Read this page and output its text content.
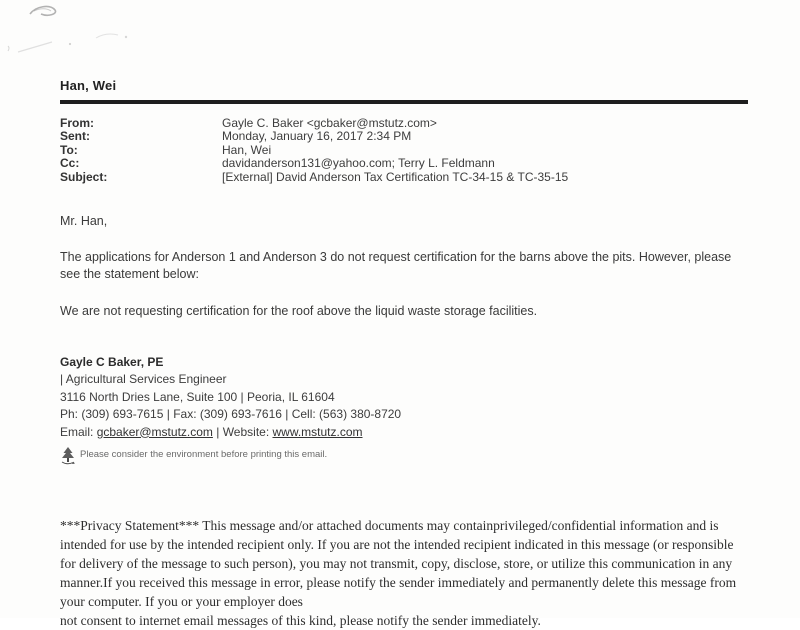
Han, Wei
From:	Gayle C. Baker <gcbaker@mstutz.com>
Sent:	Monday, January 16, 2017 2:34 PM
To:	Han, Wei
Cc:	davidanderson131@yahoo.com; Terry L. Feldmann
Subject:	[External] David Anderson Tax Certification TC-34-15 & TC-35-15
Mr. Han,
The applications for Anderson 1 and Anderson 3 do not request certification for the barns above the pits. However, please see the statement below:
We are not requesting certification for the roof above the liquid waste storage facilities.
Gayle C Baker, PE
| Agricultural Services Engineer
3116 North Dries Lane, Suite 100 | Peoria, IL 61604
Ph: (309) 693-7615 | Fax: (309) 693-7616 | Cell: (563) 380-8720
Email: gcbaker@mstutz.com | Website: www.mstutz.com
Please consider the environment before printing this email.
***Privacy Statement*** This message and/or attached documents may containprivileged/confidential information and is intended for use by the intended recipient only. If you are not the intended recipient indicated in this message (or responsible for delivery of the message to such person), you may not transmit, copy, disclose, store, or utilize this communication in any manner.If you received this message in error, please notify the sender immediately and permanently delete this message from your computer. If you or your employer does
not consent to internet email messages of this kind, please notify the sender immediately.
